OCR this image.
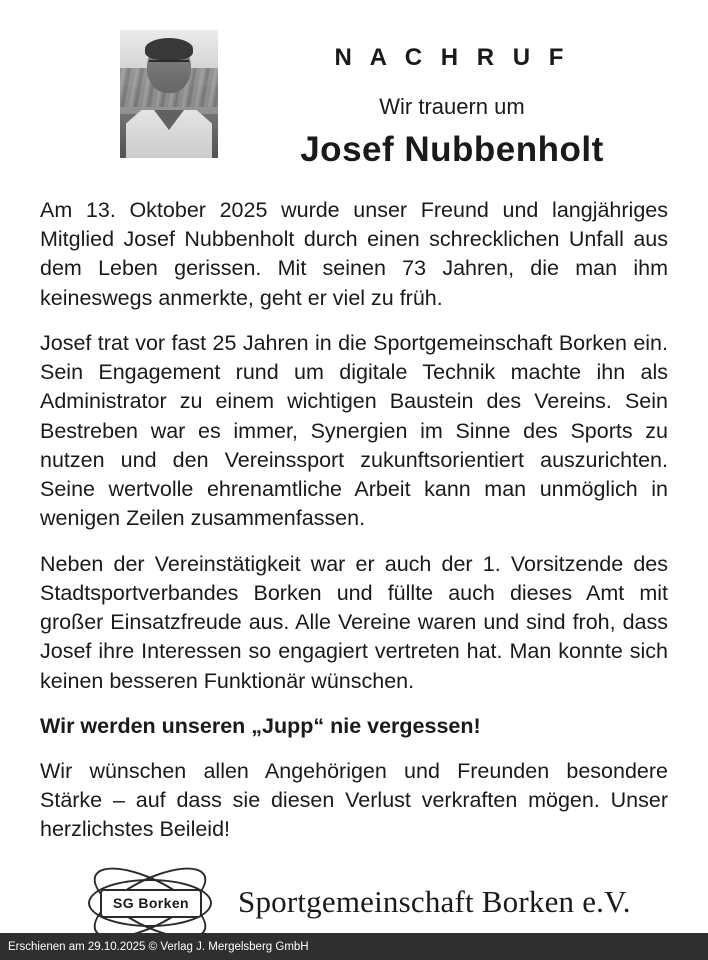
N A C H R U F
Wir trauern um
Josef Nubbenholt

Am 13. Oktober 2025 wurde unser Freund und langjähriges Mitglied Josef Nubbenholt durch einen schrecklichen Unfall aus dem Leben gerissen. Mit seinen 73 Jahren, die man ihm keineswegs anmerkte, geht er viel zu früh.

Josef trat vor fast 25 Jahren in die Sportgemeinschaft Borken ein. Sein Engagement rund um digitale Technik machte ihn als Administrator zu einem wichtigen Baustein des Vereins. Sein Bestreben war es immer, Synergien im Sinne des Sports zu nutzen und den Vereinssport zukunftsorientiert auszurichten. Seine wertvolle ehrenamtliche Arbeit kann man unmöglich in wenigen Zeilen zusammenfassen.

Neben der Vereinstätigkeit war er auch der 1. Vorsitzende des Stadtsportverbandes Borken und füllte auch dieses Amt mit großer Einsatzfreude aus. Alle Vereine waren und sind froh, dass Josef ihre Interessen so engagiert vertreten hat. Man konnte sich keinen besseren Funktionär wünschen.

Wir werden unseren „Jupp“ nie vergessen!

Wir wünschen allen Angehörigen und Freunden besondere Stärke – auf dass sie diesen Verlust verkraften mögen. Unser herzlichstes Beileid!

SG Borken	Sportgemeinschaft Borken e.V.
Erschienen am 29.10.2025 © Verlag J. Mergelsberg GmbH
